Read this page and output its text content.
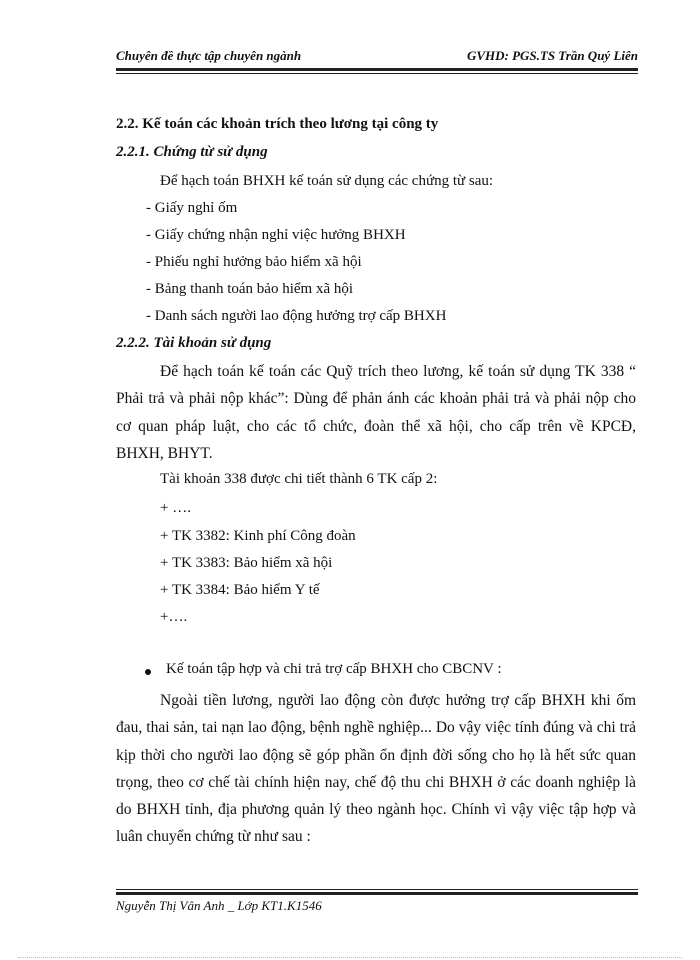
Chuyên đề thực tập chuyên ngành	GVHD: PGS.TS Trần Quý Liên
2.2. Kế toán các khoản trích theo lương tại công ty
2.2.1. Chứng từ sử dụng
Để hạch toán BHXH kế toán sử dụng các chứng từ sau:
- Giấy nghỉ ốm
- Giấy chứng nhận nghỉ việc hưởng BHXH
- Phiếu nghỉ hưởng bảo hiểm xã hội
- Bảng thanh toán bảo hiểm xã hội
- Danh sách người lao động hưởng trợ cấp BHXH
2.2.2. Tài khoản sử dụng
Để hạch toán kế toán các Quỹ trích theo lương, kế toán sử dụng TK 338 “ Phải trả và phải nộp khác”: Dùng để phản ánh các khoản phải trả và phải nộp cho cơ quan pháp luật, cho các tổ chức, đoàn thể xã hội, cho cấp trên về KPCĐ, BHXH, BHYT.
Tài khoản 338 được chi tiết thành 6 TK cấp 2:
+ ….
+ TK 3382: Kinh phí Công đoàn
+ TK 3383: Bảo hiểm xã hội
+ TK 3384: Bảo hiểm Y tế
+….
Kế toán tập hợp và chi trả trợ cấp BHXH cho CBCNV :
Ngoài tiền lương, người lao động còn được hưởng trợ cấp BHXH khi ốm đau, thai sản, tai nạn lao động, bệnh nghề nghiệp... Do vậy việc tính đúng và chi trả kịp thời cho người lao động sẽ góp phần ổn định đời sống cho họ là hết sức quan trọng, theo cơ chế tài chính hiện nay, chế độ thu chi BHXH ở các doanh nghiệp là do BHXH tỉnh, địa phương quản lý theo ngành học. Chính vì vậy việc tập hợp và luân chuyển chứng từ như sau :
Nguyễn Thị Vân Anh _ Lớp KT1.K1546
